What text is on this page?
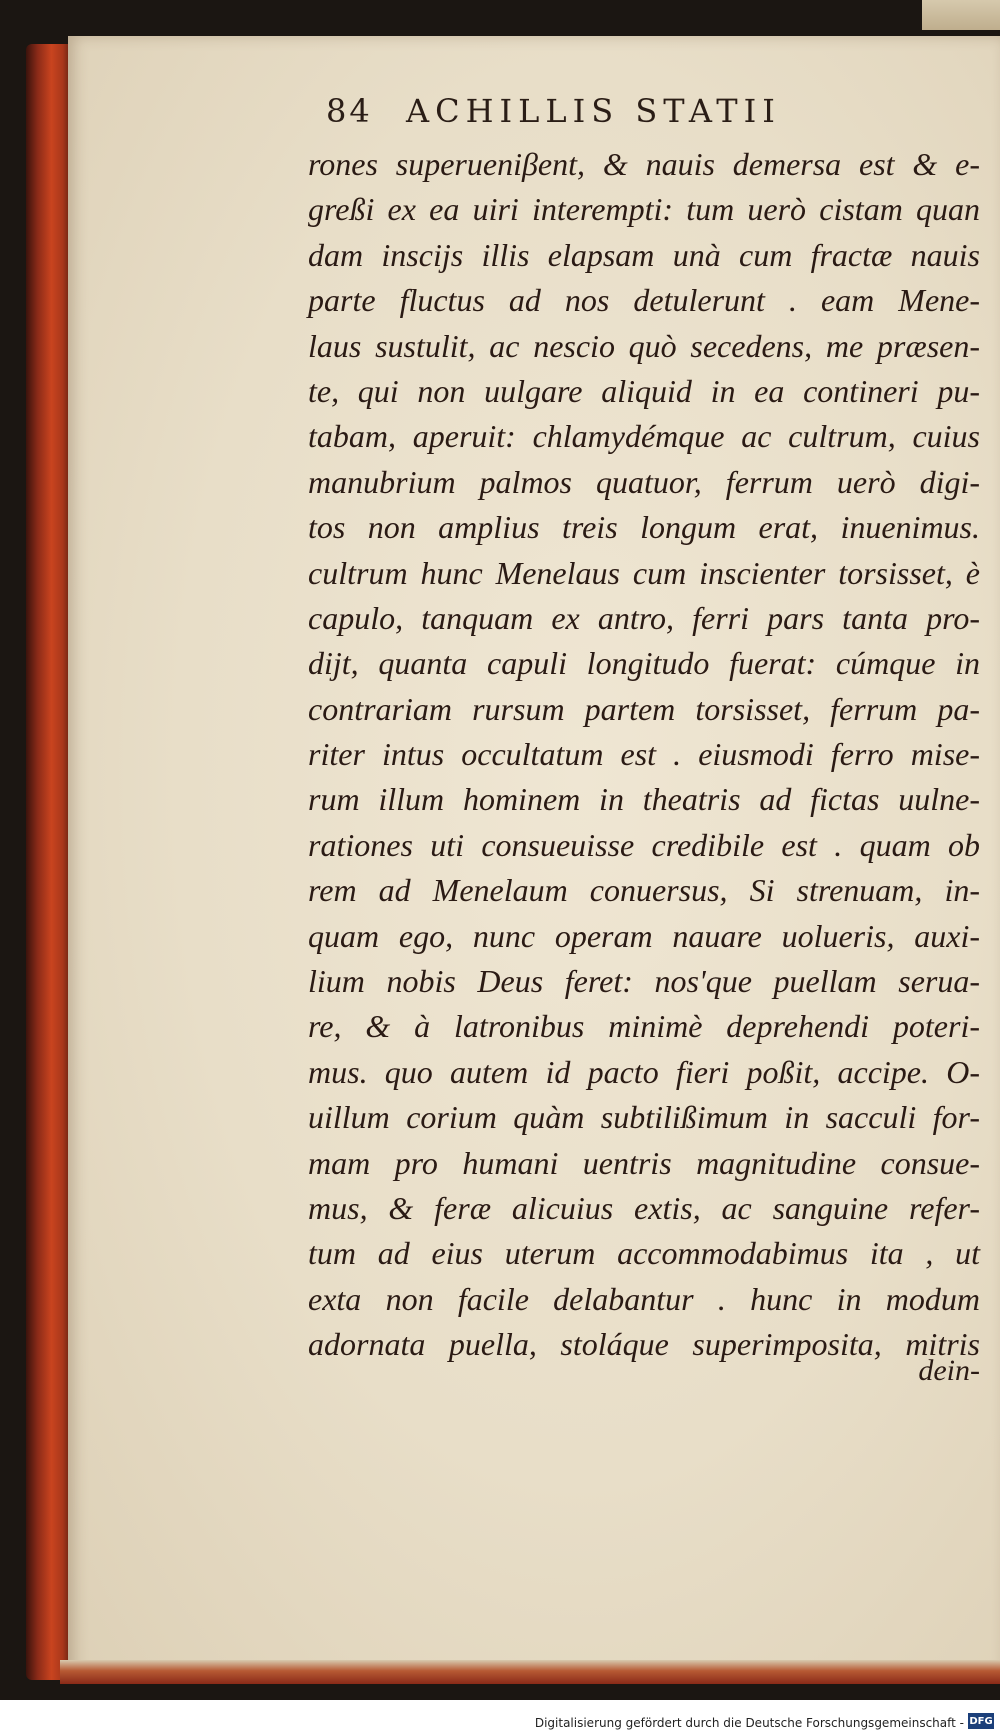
84	ACHILLIS STATII
rones superueniβent, & nauis demersa est & e-
greßi ex ea uiri interempti: tum uerò cistam quan
dam inscijs illis elapsam unà cum fractæ nauis
parte fluctus ad nos detulerunt . eam Mene-
laus sustulit, ac nescio quò secedens, me præsen-
te, qui non uulgare aliquid in ea contineri pu-
tabam, aperuit: chlamydémque ac cultrum, cuius
manubrium palmos quatuor, ferrum uerò digi-
tos non amplius treis longum erat, inuenimus.
cultrum hunc Menelaus cum inscienter torsisset, è
capulo, tanquam ex antro, ferri pars tanta pro-
dijt, quanta capuli longitudo fuerat: cúmque in
contrariam rursum partem torsisset, ferrum pa-
riter intus occultatum est . eiusmodi ferro mise-
rum illum hominem in theatris ad fictas uulne-
rationes uti consueuisse credibile est . quam ob
rem ad Menelaum conuersus, Si strenuam, in-
quam ego, nunc operam nauare uolueris, auxi-
lium nobis Deus feret: nos'que puellam serua-
re, & à latronibus minimè deprehendi poteri-
mus. quo autem id pacto fieri poßit, accipe. O-
uillum corium quàm subtilißimum in sacculi for-
mam pro humani uentris magnitudine consue-
mus, & feræ alicuius extis, ac sanguine refer-
tum ad eius uterum accommodabimus ita , ut
exta non facile delabantur . hunc in modum
adornata puella, stoláque superimposita, mitris
dein-
Digitalisierung gefördert durch die Deutsche Forschungsgemeinschaft - DFG
